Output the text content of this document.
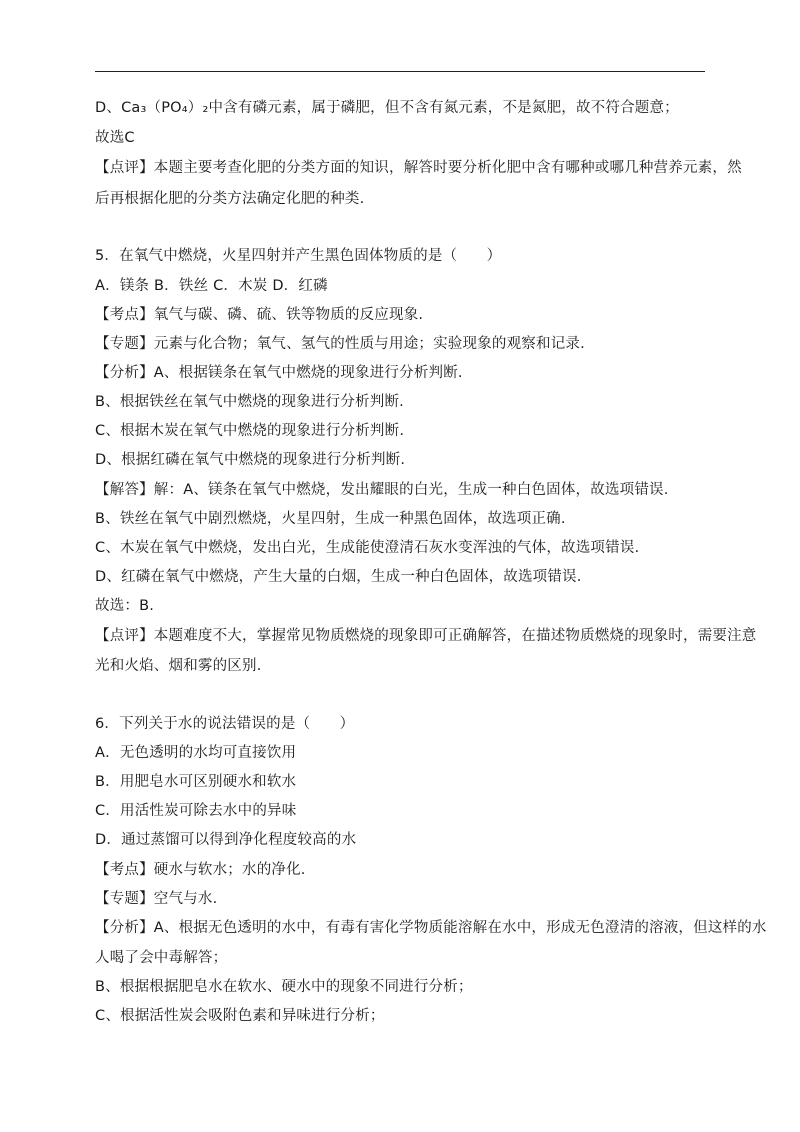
D、Ca₃（PO₄）₂中含有磷元素，属于磷肥，但不含有氮元素，不是氮肥，故不符合题意；
故选C
【点评】本题主要考查化肥的分类方面的知识，解答时要分析化肥中含有哪种或哪几种营养元素，然
后再根据化肥的分类方法确定化肥的种类.
5．在氧气中燃烧，火星四射并产生黑色固体物质的是（　　）
A．镁条 B．铁丝 C．木炭 D．红磷
【考点】氧气与碳、磷、硫、铁等物质的反应现象.
【专题】元素与化合物；氧气、氢气的性质与用途；实验现象的观察和记录.
【分析】A、根据镁条在氧气中燃烧的现象进行分析判断.
B、根据铁丝在氧气中燃烧的现象进行分析判断.
C、根据木炭在氧气中燃烧的现象进行分析判断.
D、根据红磷在氧气中燃烧的现象进行分析判断.
【解答】解：A、镁条在氧气中燃烧，发出耀眼的白光，生成一种白色固体，故选项错误.
B、铁丝在氧气中剧烈燃烧，火星四射，生成一种黑色固体，故选项正确.
C、木炭在氧气中燃烧，发出白光，生成能使澄清石灰水变浑浊的气体，故选项错误.
D、红磷在氧气中燃烧，产生大量的白烟，生成一种白色固体，故选项错误.
故选：B.
【点评】本题难度不大，掌握常见物质燃烧的现象即可正确解答，在描述物质燃烧的现象时，需要注意
光和火焰、烟和雾的区别.
6．下列关于水的说法错误的是（　　）
A．无色透明的水均可直接饮用
B．用肥皂水可区别硬水和软水
C．用活性炭可除去水中的异味
D．通过蒸馏可以得到净化程度较高的水
【考点】硬水与软水；水的净化.
【专题】空气与水.
【分析】A、根据无色透明的水中，有毒有害化学物质能溶解在水中，形成无色澄清的溶液，但这样的水
人喝了会中毒解答；
B、根据根据肥皂水在软水、硬水中的现象不同进行分析；
C、根据活性炭会吸附色素和异味进行分析；
